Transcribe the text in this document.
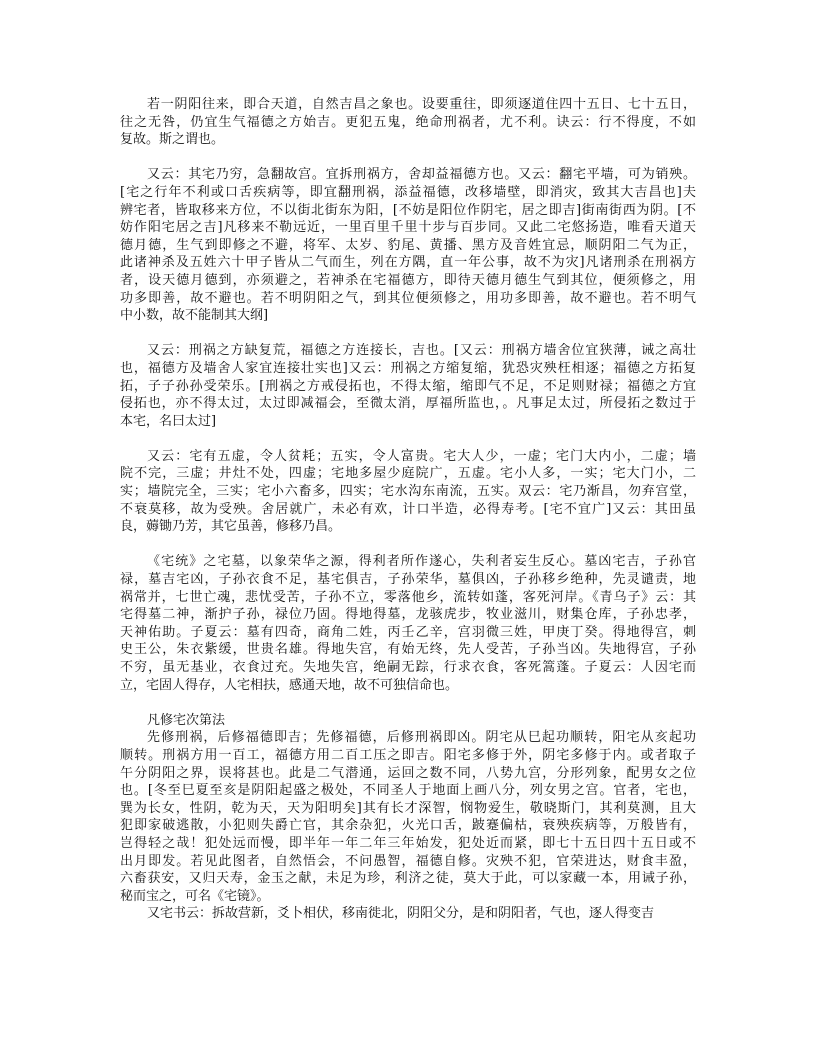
若一阴阳往来，即合天道，自然吉昌之象也。设要重往，即须逐道住四十五日、七十五日，
往之无咎，仍宜生气福德之方始吉。更犯五鬼，绝命刑祸者，尤不利。诀云：行不得度，不如
复故。斯之谓也。
又云：其宅乃穷，急翻故宫。宜拆刑祸方，舍却益福德方也。又云：翻宅平墙，可为销殃。
[宅之行年不利或口舌疾病等，即宜翻刑祸，添益福德，改移墙壁，即消灾，致其大吉昌也]夫
辨宅者，皆取移来方位，不以街北街东为阳，[不妨是阳位作阴宅，居之即吉]街南街西为阴。[不
妨作阳宅居之吉]凡移来不勒远近，一里百里千里十步与百步同。又此二宅悠扬造，唯看天道天
德月德，生气到即修之不避，将军、太岁、豹尾、黄播、黑方及音姓宜忌，顺阴阳二气为正，
此诸神杀及五姓六十甲子皆从二气而生，列在方隅，直一年公事，故不为灾]凡诸刑杀在刑祸方
者，设天德月德到，亦须避之，若神杀在宅福德方，即待天德月德生气到其位，便须修之，用
功多即善，故不避也。若不明阴阳之气，到其位便须修之，用功多即善，故不避也。若不明气
中小数，故不能制其大纲]
又云：刑祸之方缺复荒，福德之方连接长，吉也。[又云：刑祸方墙舍位宜狭薄，诫之高壮
也，福德方及墙舍人家宜连接壮实也]又云：刑祸之方缩复缩，犹恐灾殃枉相逐；福德之方拓复
拓，子子孙孙受荣乐。[刑祸之方戒侵拓也，不得太缩，缩即气不足，不足则财禄；福德之方宜
侵拓也，亦不得太过，太过即减福会，至微太消，厚福所监也，。凡事足太过，所侵拓之数过于
本宅，名曰太过]
又云：宅有五虚，令人贫耗；五实，令人富贵。宅大人少，一虚；宅门大内小，二虚；墙
院不完，三虚；井灶不处，四虚；宅地多屋少庭院广，五虚。宅小人多，一实；宅大门小，二
实；墙院完全，三实；宅小六畜多，四实；宅水沟东南流，五实。双云：宅乃渐昌，勿弃宫堂，
不衰莫移，故为受殃。舍居就广，未必有欢，计口半造，必得寿考。[宅不宜广]又云：其田虽
良，薅锄乃芳，其它虽善，修移乃昌。
《宅统》之宅墓，以象荣华之源，得利者所作遂心，失利者妄生反心。墓凶宅吉，子孙官
禄，墓吉宅凶，子孙衣食不足，基宅俱吉，子孙荣华，墓俱凶，子孙移乡绝种，先灵谴责，地
祸常并，七世亡魂，悲忧受苦，子孙不立，零落他乡，流转如蓬，客死河岸。《青乌子》云：其
宅得墓二神，渐护子孙，禄位乃固。得地得墓，龙骇虎步，牧业滋川，财集仓库，子孙忠孝，
天神佑助。子夏云：墓有四奇，商角二姓，丙壬乙辛，宫羽微三姓，甲庚丁癸。得地得宫，刺
史王公，朱衣紫缓，世贵名雄。得地失宫，有始无终，先人受苦，子孙当凶。失地得宫，子孙
不穷，虽无基业，衣食过充。失地失宫，绝嗣无踪，行求衣食，客死篙蓬。子夏云：人因宅而
立，宅固人得存，人宅相扶，感通天地，故不可独信命也。
凡修宅次第法
先修刑祸，后修福德即吉；先修福德，后修刑祸即凶。阴宅从巳起功顺转，阳宅从亥起功
顺转。刑祸方用一百工，福德方用二百工压之即吉。阳宅多修于外，阴宅多修于内。或者取子
午分阴阳之界，误将甚也。此是二气潜通，运回之数不同，八势九宫，分形列象，配男女之位
也。[冬至巳夏至亥是阴阳起盛之极处，不同圣人于地面上画八分，列女男之宫。官者，宅也，
巽为长女，性阴，乾为天，天为阳明矣]其有长才深智，悯物爱生，敬晓斯门，其利莫测，且大
犯即家破逃散，小犯则失爵亡官，其余杂犯，火光口舌，跛蹇偏枯，衰殃疾病等，万般皆有，
岂得轻之哉！犯处远而慢，即半年一年二年三年始发，犯处近而紧，即七十五日四十五日或不
出月即发。若见此图者，自然悟会，不问愚智，福德自修。灾殃不犯，官荣进达，财食丰盈，
六畜获安，又归天寿，金玉之献，未足为珍，利济之徒，莫大于此，可以家藏一本，用诫子孙，
秘而宝之，可名《宅镜》。
又宅书云：拆故营新，爻卜相伏，移南徙北，阴阳父分，是和阴阳者，气也，逐人得变吉
